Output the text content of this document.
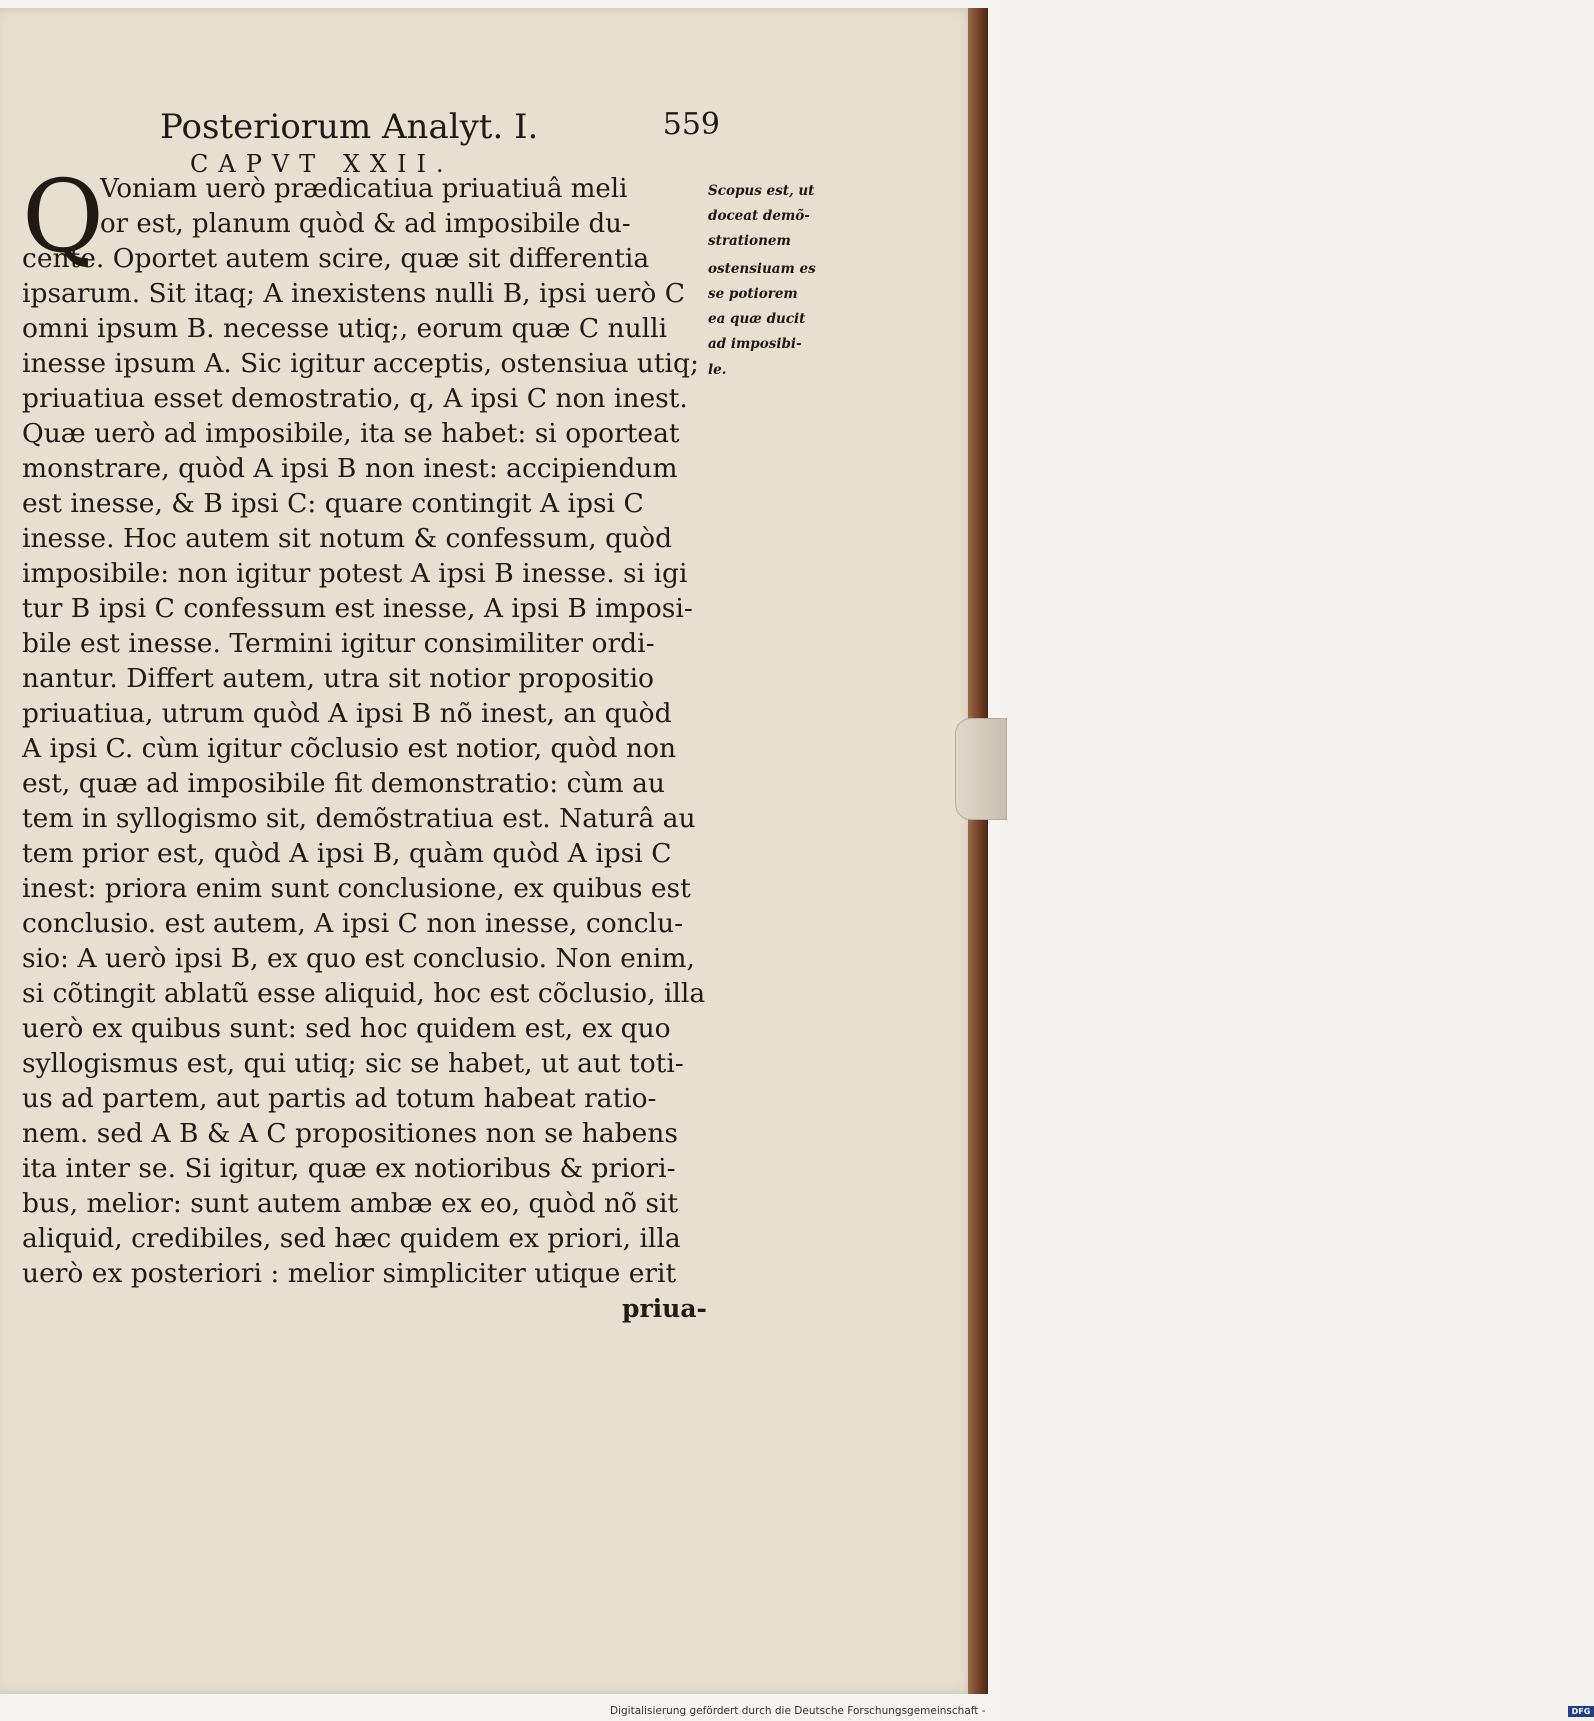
Posteriorum Analyt. I.	559
CAPVT XXII.
Q
Voniam uerò prædicatiua priuatiuâ meli
or est, planum quòd & ad imposibile du-
cente. Oportet autem scire, quæ sit differentia
ipsarum. Sit itaq; A inexistens nulli B, ipsi uerò C
omni ipsum B. necesse utiq;, eorum quæ C nulli
inesse ipsum A. Sic igitur acceptis, ostensiua utiq;
priuatiua esset demostratio, q, A ipsi C non inest.
Quæ uerò ad imposibile, ita se habet: si oporteat
monstrare, quòd A ipsi B non inest: accipiendum
est inesse, & B ipsi C: quare contingit A ipsi C
inesse. Hoc autem sit notum & confessum, quòd
imposibile: non igitur potest A ipsi B inesse. si igi
tur B ipsi C confessum est inesse, A ipsi B imposi-
bile est inesse. Termini igitur consimiliter ordi-
nantur. Differt autem, utra sit notior propositio
priuatiua, utrum quòd A ipsi B nõ inest, an quòd
A ipsi C. cùm igitur cõclusio est notior, quòd non
est, quæ ad imposibile fit demonstratio: cùm au
tem in syllogismo sit, demõstratiua est. Naturâ au
tem prior est, quòd A ipsi B, quàm quòd A ipsi C
inest: priora enim sunt conclusione, ex quibus est
conclusio. est autem, A ipsi C non inesse, conclu-
sio: A uerò ipsi B, ex quo est conclusio. Non enim,
si cõtingit ablatũ esse aliquid, hoc est cõclusio, illa
uerò ex quibus sunt: sed hoc quidem est, ex quo
syllogismus est, qui utiq; sic se habet, ut aut toti-
us ad partem, aut partis ad totum habeat ratio-
nem. sed A B & A C propositiones non se habens
ita inter se. Si igitur, quæ ex notioribus & priori-
bus, melior: sunt autem ambæ ex eo, quòd nõ sit
aliquid, credibiles, sed hæc quidem ex priori, illa
uerò ex posteriori : melior simpliciter utique erit
priua-
Scopus est, ut
doceat demõ-
strationem
ostensiuam es
se potiorem
ea quæ ducit
ad imposibi-
le.
Digitalisierung gefördert durch die Deutsche Forschungsgemeinschaft -	DFG
